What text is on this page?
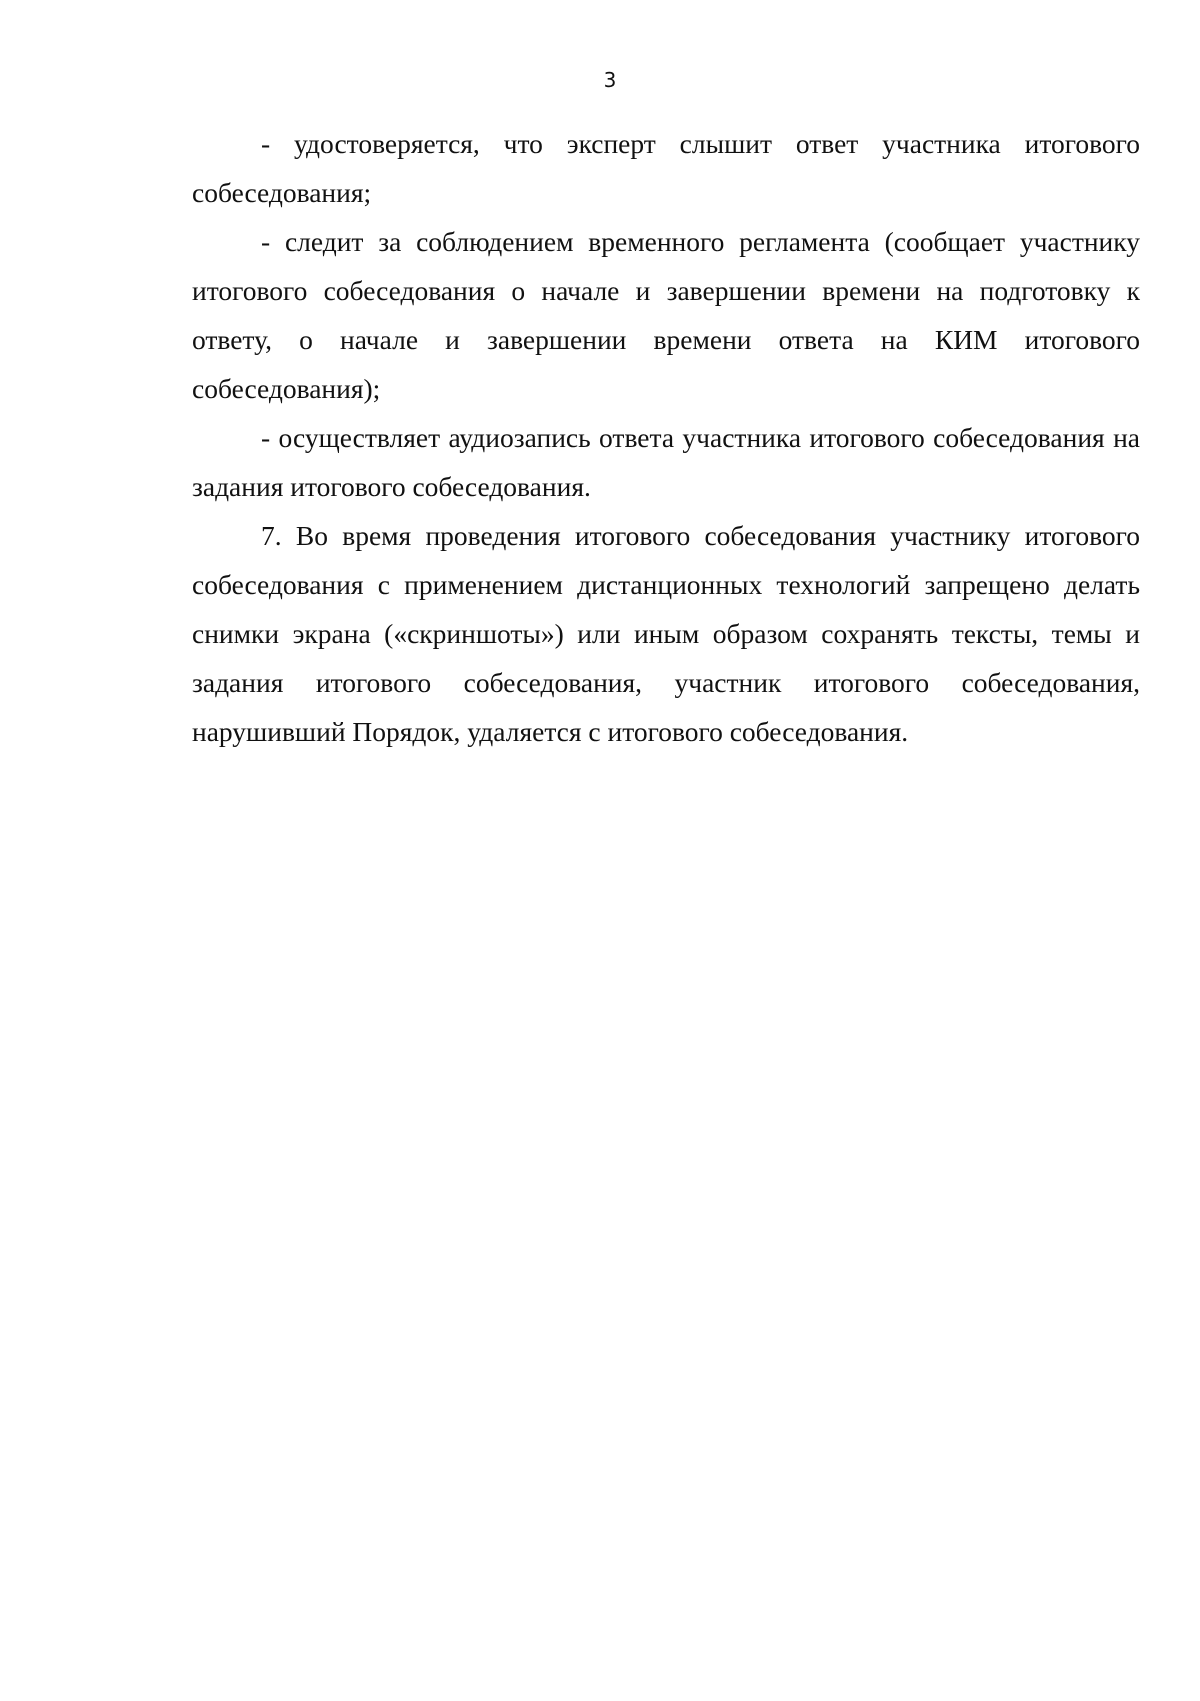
3

- удостоверяется, что эксперт слышит ответ участника итогового собеседования;

- следит за соблюдением временного регламента (сообщает участнику итогового собеседования о начале и завершении времени на подготовку к ответу, о начале и завершении времени ответа на КИМ итогового собеседования);

- осуществляет аудиозапись ответа участника итогового собеседования на задания итогового собеседования.

7. Во время проведения итогового собеседования участнику итогового собеседования с применением дистанционных технологий запрещено делать снимки экрана («скриншоты») или иным образом сохранять тексты, темы и задания итогового собеседования, участник итогового собеседования, нарушивший Порядок, удаляется с итогового собеседования.
